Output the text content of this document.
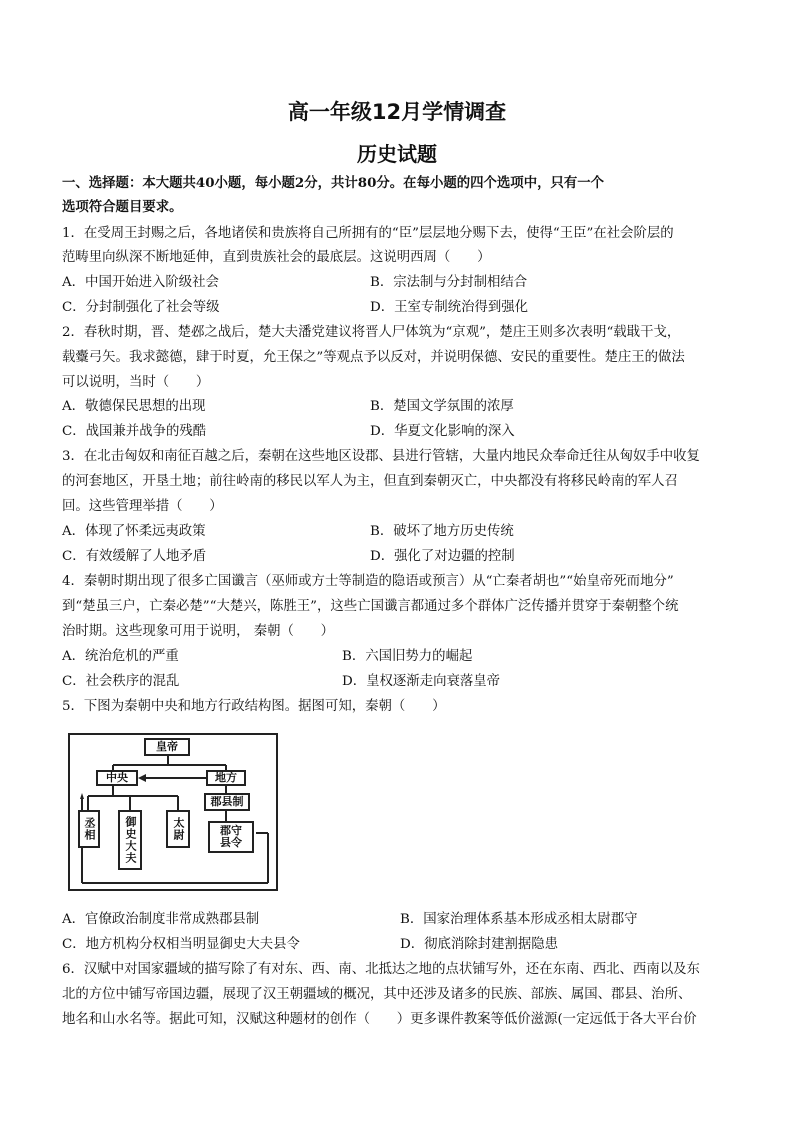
高一年级12月学情调查
历史试题
一、选择题：本大题共40小题，每小题2分，共计80分。在每小题的四个选项中，只有一个
选项符合题目要求。
1．在受周王封赐之后，各地诸侯和贵族将自己所拥有的“臣”层层地分赐下去，使得“王臣”在社会阶层的
范畴里向纵深不断地延伸，直到贵族社会的最底层。这说明西周（　　）
A．中国开始进入阶级社会	B．宗法制与分封制相结合
C．分封制强化了社会等级	D．王室专制统治得到强化
2．春秋时期，晋、楚邲之战后，楚大夫潘党建议将晋人尸体筑为“京观”，楚庄王则多次表明“载戢干戈，
载櫜弓矢。我求懿德，肆于时夏，允王保之”等观点予以反对，并说明保德、安民的重要性。楚庄王的做法
可以说明，当时（　　）
A．敬德保民思想的出现	B．楚国文学氛围的浓厚
C．战国兼并战争的残酷	D．华夏文化影响的深入
3．在北击匈奴和南征百越之后，秦朝在这些地区设郡、县进行管辖，大量内地民众奉命迁往从匈奴手中收复
的河套地区，开垦土地；前往岭南的移民以军人为主，但直到秦朝灭亡，中央都没有将移民岭南的军人召
回。这些管理举措（　　）
A．体现了怀柔远夷政策	B．破坏了地方历史传统
C．有效缓解了人地矛盾	D．强化了对边疆的控制
4．秦朝时期出现了很多亡国谶言（巫师或方士等制造的隐语或预言）从“亡秦者胡也”“始皇帝死而地分”
到“楚虽三户，亡秦必楚”“大楚兴，陈胜王”，这些亡国谶言都通过多个群体广泛传播并贯穿于秦朝整个统
治时期。这些现象可用于说明， 秦朝（　　）
A．统治危机的严重	B．六国旧势力的崛起
C．社会秩序的混乱	D．皇权逐渐走向衰落皇帝
5．下图为秦朝中央和地方行政结构图。据图可知，秦朝（　　）
皇帝
中央	地方
郡县制
丞相	御史大夫	太尉	郡守县令
A．官僚政治制度非常成熟郡县制	B．国家治理体系基本形成丞相太尉郡守
C．地方机构分权相当明显御史大夫县令	D．彻底消除封建割据隐患
6．汉赋中对国家疆域的描写除了有对东、西、南、北抵达之地的点状铺写外，还在东南、西北、西南以及东
北的方位中铺写帝国边疆，展现了汉王朝疆域的概况，其中还涉及诸多的民族、部族、属国、郡县、治所、
地名和山水名等。据此可知，汉赋这种题材的创作（　　）更多课件教案等低价滋源(一定远低于各大平台价
